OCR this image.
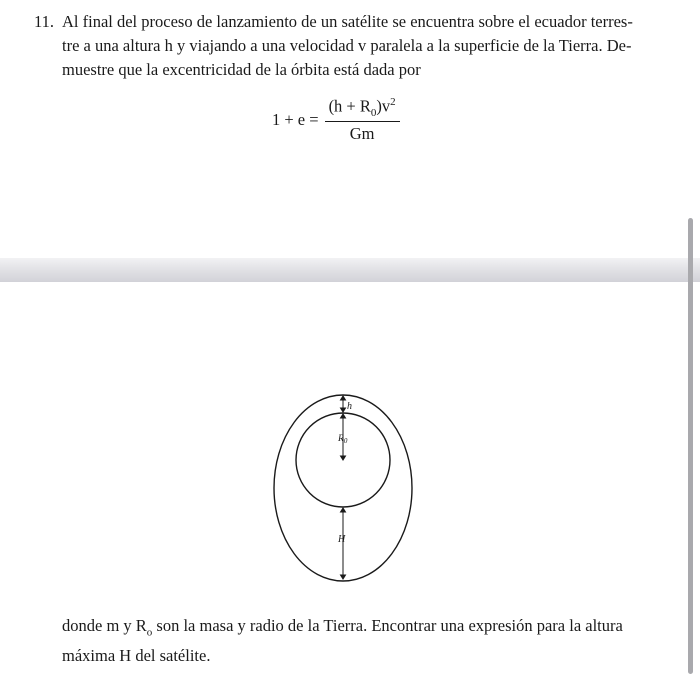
11. Al final del proceso de lanzamiento de un satélite se encuentra sobre el ecuador terres-
tre a una altura h y viajando a una velocidad v paralela a la superficie de la Tierra. De-
muestre que la excentricidad de la órbita está dada por
$1 + e = \frac{(h + R_0)v^2}{Gm}$
h
$R_0$
H
donde m y $R_o$ son la masa y radio de la Tierra. Encontrar una expresión para la altura
máxima H del satélite.
